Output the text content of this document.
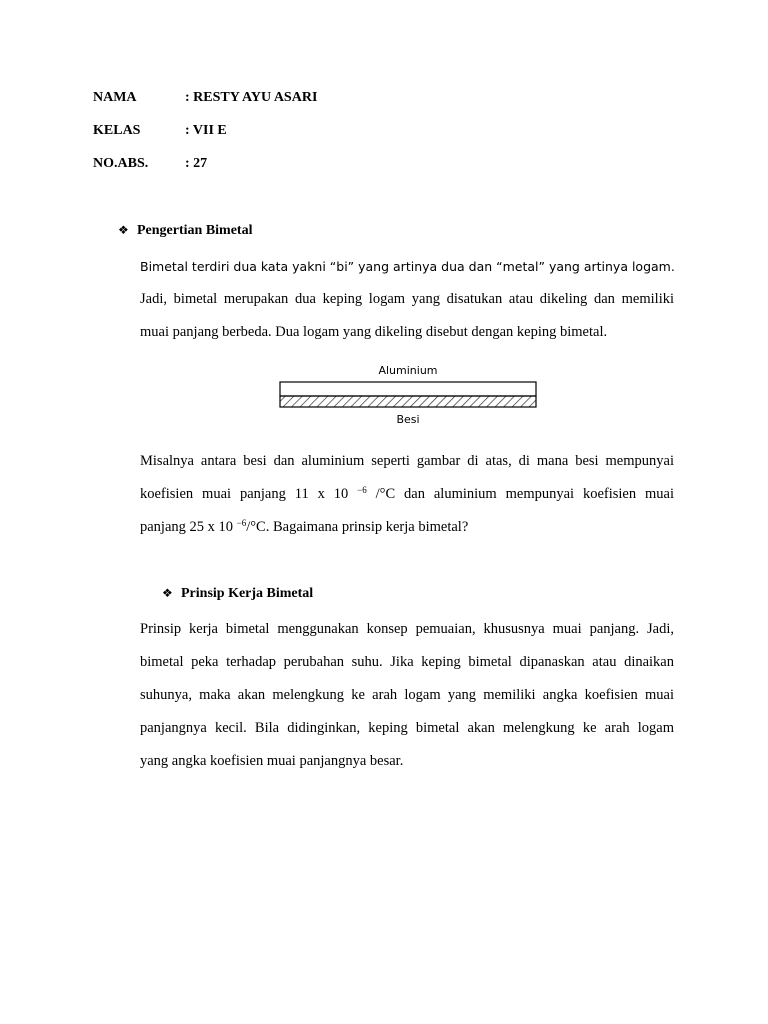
NAMA	: RESTY AYU ASARI
KELAS	: VII E
NO.ABS.	: 27
❖ Pengertian Bimetal
Bimetal terdiri dua kata yakni “bi” yang artinya dua dan “metal” yang artinya logam.
Jadi, bimetal merupakan dua keping logam yang disatukan atau dikeling dan memiliki
muai panjang berbeda. Dua logam yang dikeling disebut dengan keping bimetal.
Aluminium
Besi
Misalnya antara besi dan aluminium seperti gambar di atas, di mana besi mempunyai
koefisien muai panjang 11 x 10 $^{-6}$ /°C dan aluminium mempunyai koefisien muai
panjang 25 x 10 $^{-6}$/°C. Bagaimana prinsip kerja bimetal?
❖ Prinsip Kerja Bimetal
Prinsip kerja bimetal menggunakan konsep pemuaian, khususnya muai panjang. Jadi,
bimetal peka terhadap perubahan suhu. Jika keping bimetal dipanaskan atau dinaikan
suhunya, maka akan melengkung ke arah logam yang memiliki angka koefisien muai
panjangnya kecil. Bila didinginkan, keping bimetal akan melengkung ke arah logam
yang angka koefisien muai panjangnya besar.
